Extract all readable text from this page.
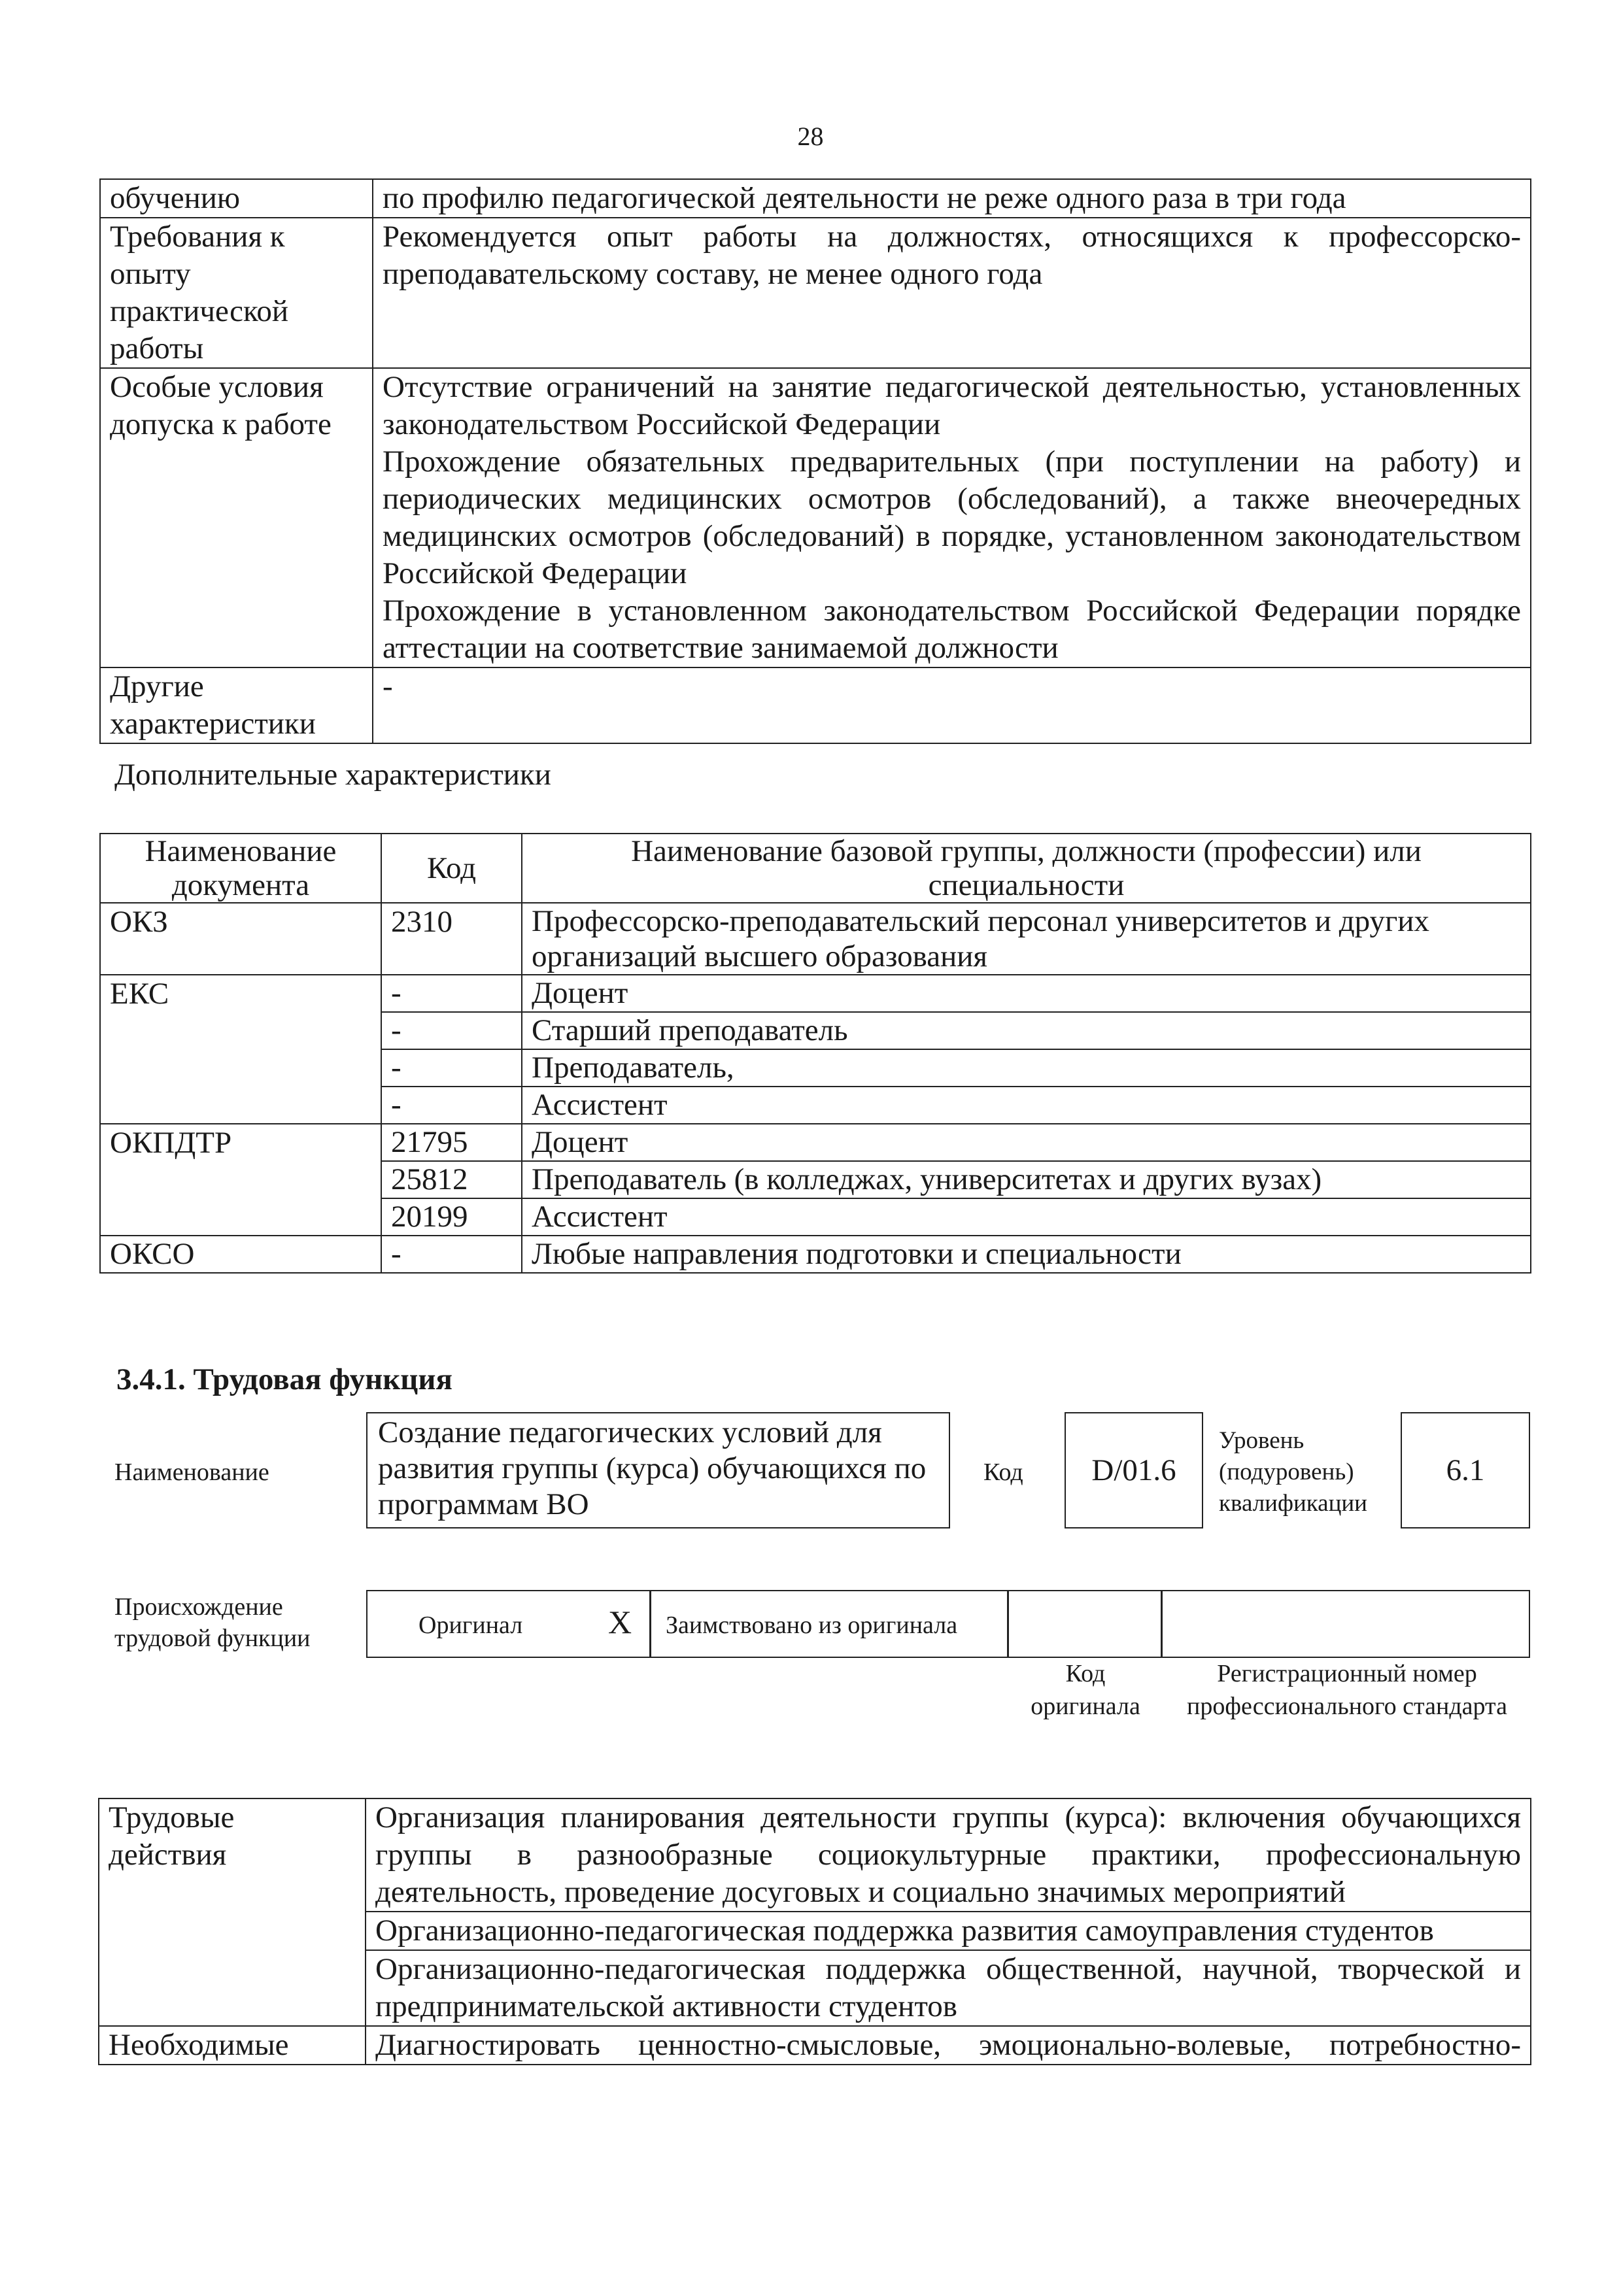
28
обучению	по профилю педагогической деятельности не реже одного раза в три года
Требования к опыту практической работы	Рекомендуется опыт работы на должностях, относящихся к профессорско-преподавательскому составу, не менее одного года
Особые условия допуска к работе	Отсутствие ограничений на занятие педагогической деятельностью, установленных законодательством Российской Федерации
Прохождение обязательных предварительных (при поступлении на работу) и периодических медицинских осмотров (обследований), а также внеочередных медицинских осмотров (обследований) в порядке, установленном законодательством Российской Федерации
Прохождение в установленном законодательством Российской Федерации порядке аттестации на соответствие занимаемой должности

Другие характеристики	-
Дополнительные характеристики
Наименование документа	Код	Наименование базовой группы, должности (профессии) или специальности
ОКЗ	2310	Профессорско-преподавательский персонал университетов и других организаций высшего образования
ЕКС	-	Доцент
	-	Старший преподаватель
	-	Преподаватель,
	-	Ассистент
ОКПДТР	21795	Доцент
	25812	Преподаватель (в колледжах, университетах и других вузах)
	20199	Ассистент
ОКСО	-	Любые направления подготовки и специальности
3.4.1. Трудовая функция
Наименование
Создание педагогических условий для развития группы (курса) обучающихся по программам ВО
Код D/01.6
Уровень (подуровень) квалификации
6.1
Происхождение трудовой функции	Оригинал	X Заимствовано из оригинала
Код оригинала
Регистрационный номер профессионального стандарта
Трудовые действия	Организация планирования деятельности группы (курса): включения обучающихся группы в разнообразные социокультурные практики, профессиональную деятельность, проведение досуговых и социально значимых мероприятий
	Организационно-педагогическая поддержка развития самоуправления студентов
	Организационно-педагогическая поддержка общественной, научной, творческой и предпринимательской активности студентов
Необходимые	Диагностировать ценностно-смысловые, эмоционально-волевые, потребностно-
